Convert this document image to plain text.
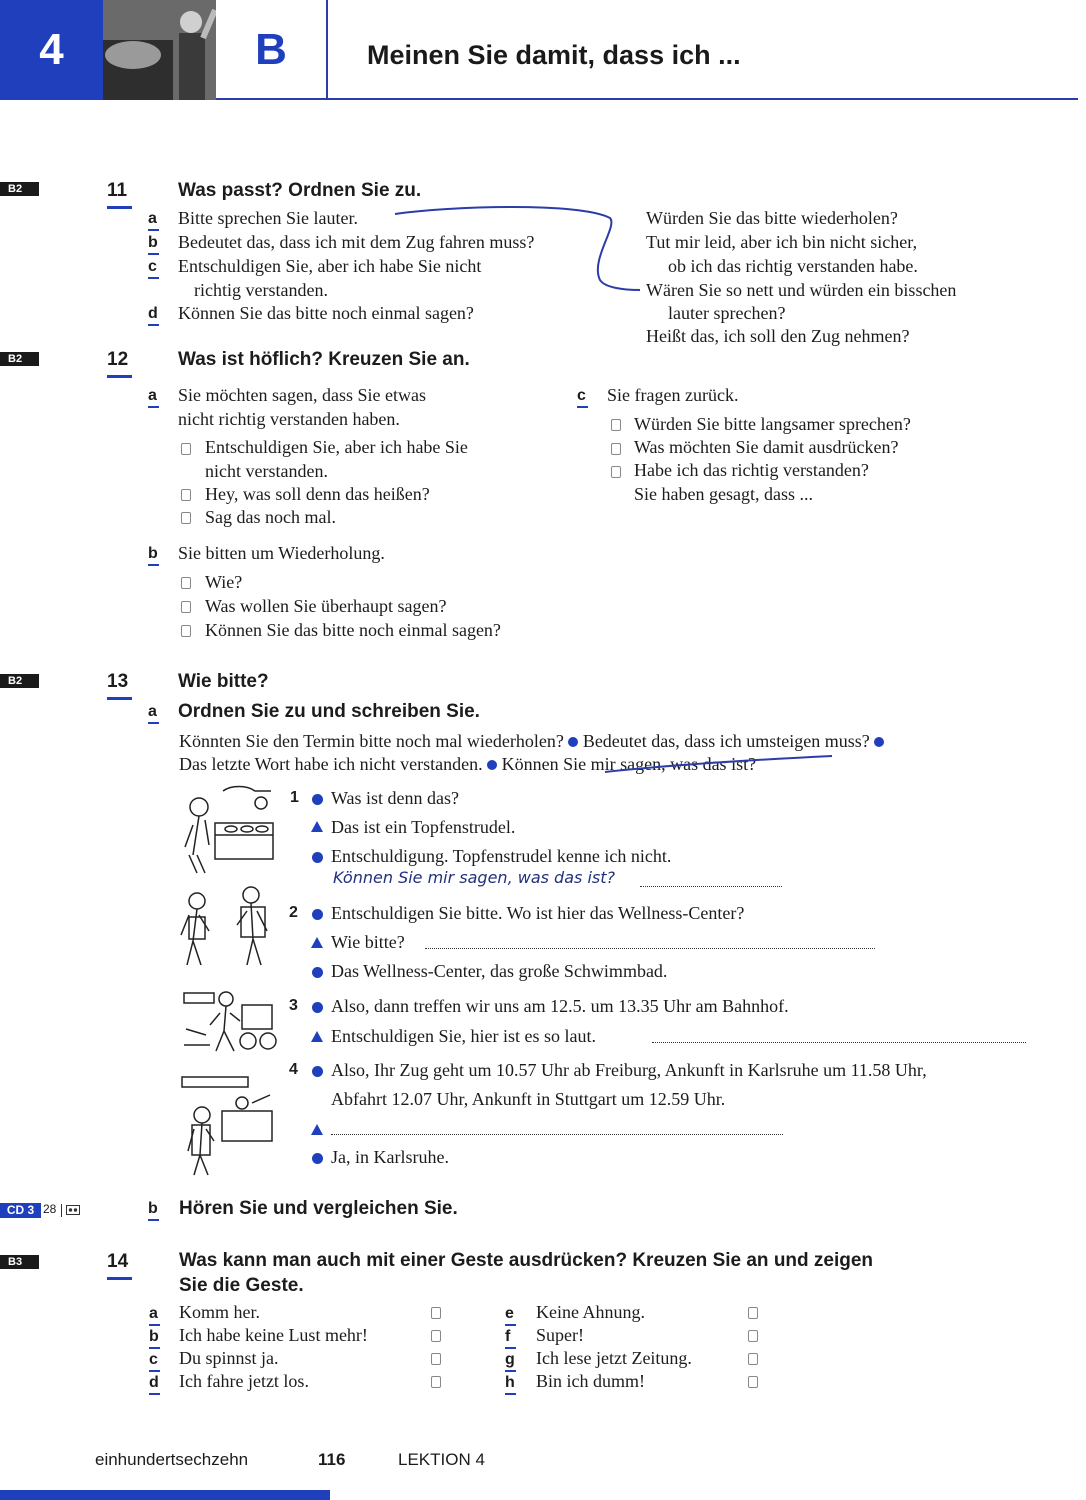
4	B	Meinen Sie damit, dass ich ...
B2	11	Was passt? Ordnen Sie zu.
a Bitte sprechen Sie lauter.
b Bedeutet das, dass ich mit dem Zug fahren muss?
c Entschuldigen Sie, aber ich habe Sie nicht
richtig verstanden.
d Können Sie das bitte noch einmal sagen?
Würden Sie das bitte wiederholen?
Tut mir leid, aber ich bin nicht sicher,
ob ich das richtig verstanden habe.
Wären Sie so nett und würden ein bisschen
lauter sprechen?
Heißt das, ich soll den Zug nehmen?
B2	12	Was ist höflich? Kreuzen Sie an.
a Sie möchten sagen, dass Sie etwas
nicht richtig verstanden haben.
Entschuldigen Sie, aber ich habe Sie
nicht verstanden.
Hey, was soll denn das heißen?
Sag das noch mal.
b Sie bitten um Wiederholung.
Wie?
Was wollen Sie überhaupt sagen?
Können Sie das bitte noch einmal sagen?
c Sie fragen zurück.
Würden Sie bitte langsamer sprechen?
Was möchten Sie damit ausdrücken?
Habe ich das richtig verstanden?
Sie haben gesagt, dass ...
B2	13	Wie bitte?
a Ordnen Sie zu und schreiben Sie.
Könnten Sie den Termin bitte noch mal wiederholen? Bedeutet das, dass ich umsteigen muss?
Das letzte Wort habe ich nicht verstanden. Können Sie mir sagen, was das ist?
1 Was ist denn das?
Das ist ein Topfenstrudel.
Entschuldigung. Topfenstrudel kenne ich nicht.
Können Sie mir sagen, was das ist?
2 Entschuldigen Sie bitte. Wo ist hier das Wellness-Center?
Wie bitte?
Das Wellness-Center, das große Schwimmbad.
3 Also, dann treffen wir uns am 12.5. um 13.35 Uhr am Bahnhof.
Entschuldigen Sie, hier ist es so laut.
4 Also, Ihr Zug geht um 10.57 Uhr ab Freiburg, Ankunft in Karlsruhe um 11.58 Uhr,
Abfahrt 12.07 Uhr, Ankunft in Stuttgart um 12.59 Uhr.
Ja, in Karlsruhe.
CD 3 28	b Hören Sie und vergleichen Sie.
B3	14	Was kann man auch mit einer Geste ausdrücken? Kreuzen Sie an und zeigen
Sie die Geste.
a Komm her.
b Ich habe keine Lust mehr!
c Du spinnst ja.
d Ich fahre jetzt los.
e Keine Ahnung.
f Super!
g Ich lese jetzt Zeitung.
h Bin ich dumm!
einhundertsechzehn	116	LEKTION 4
